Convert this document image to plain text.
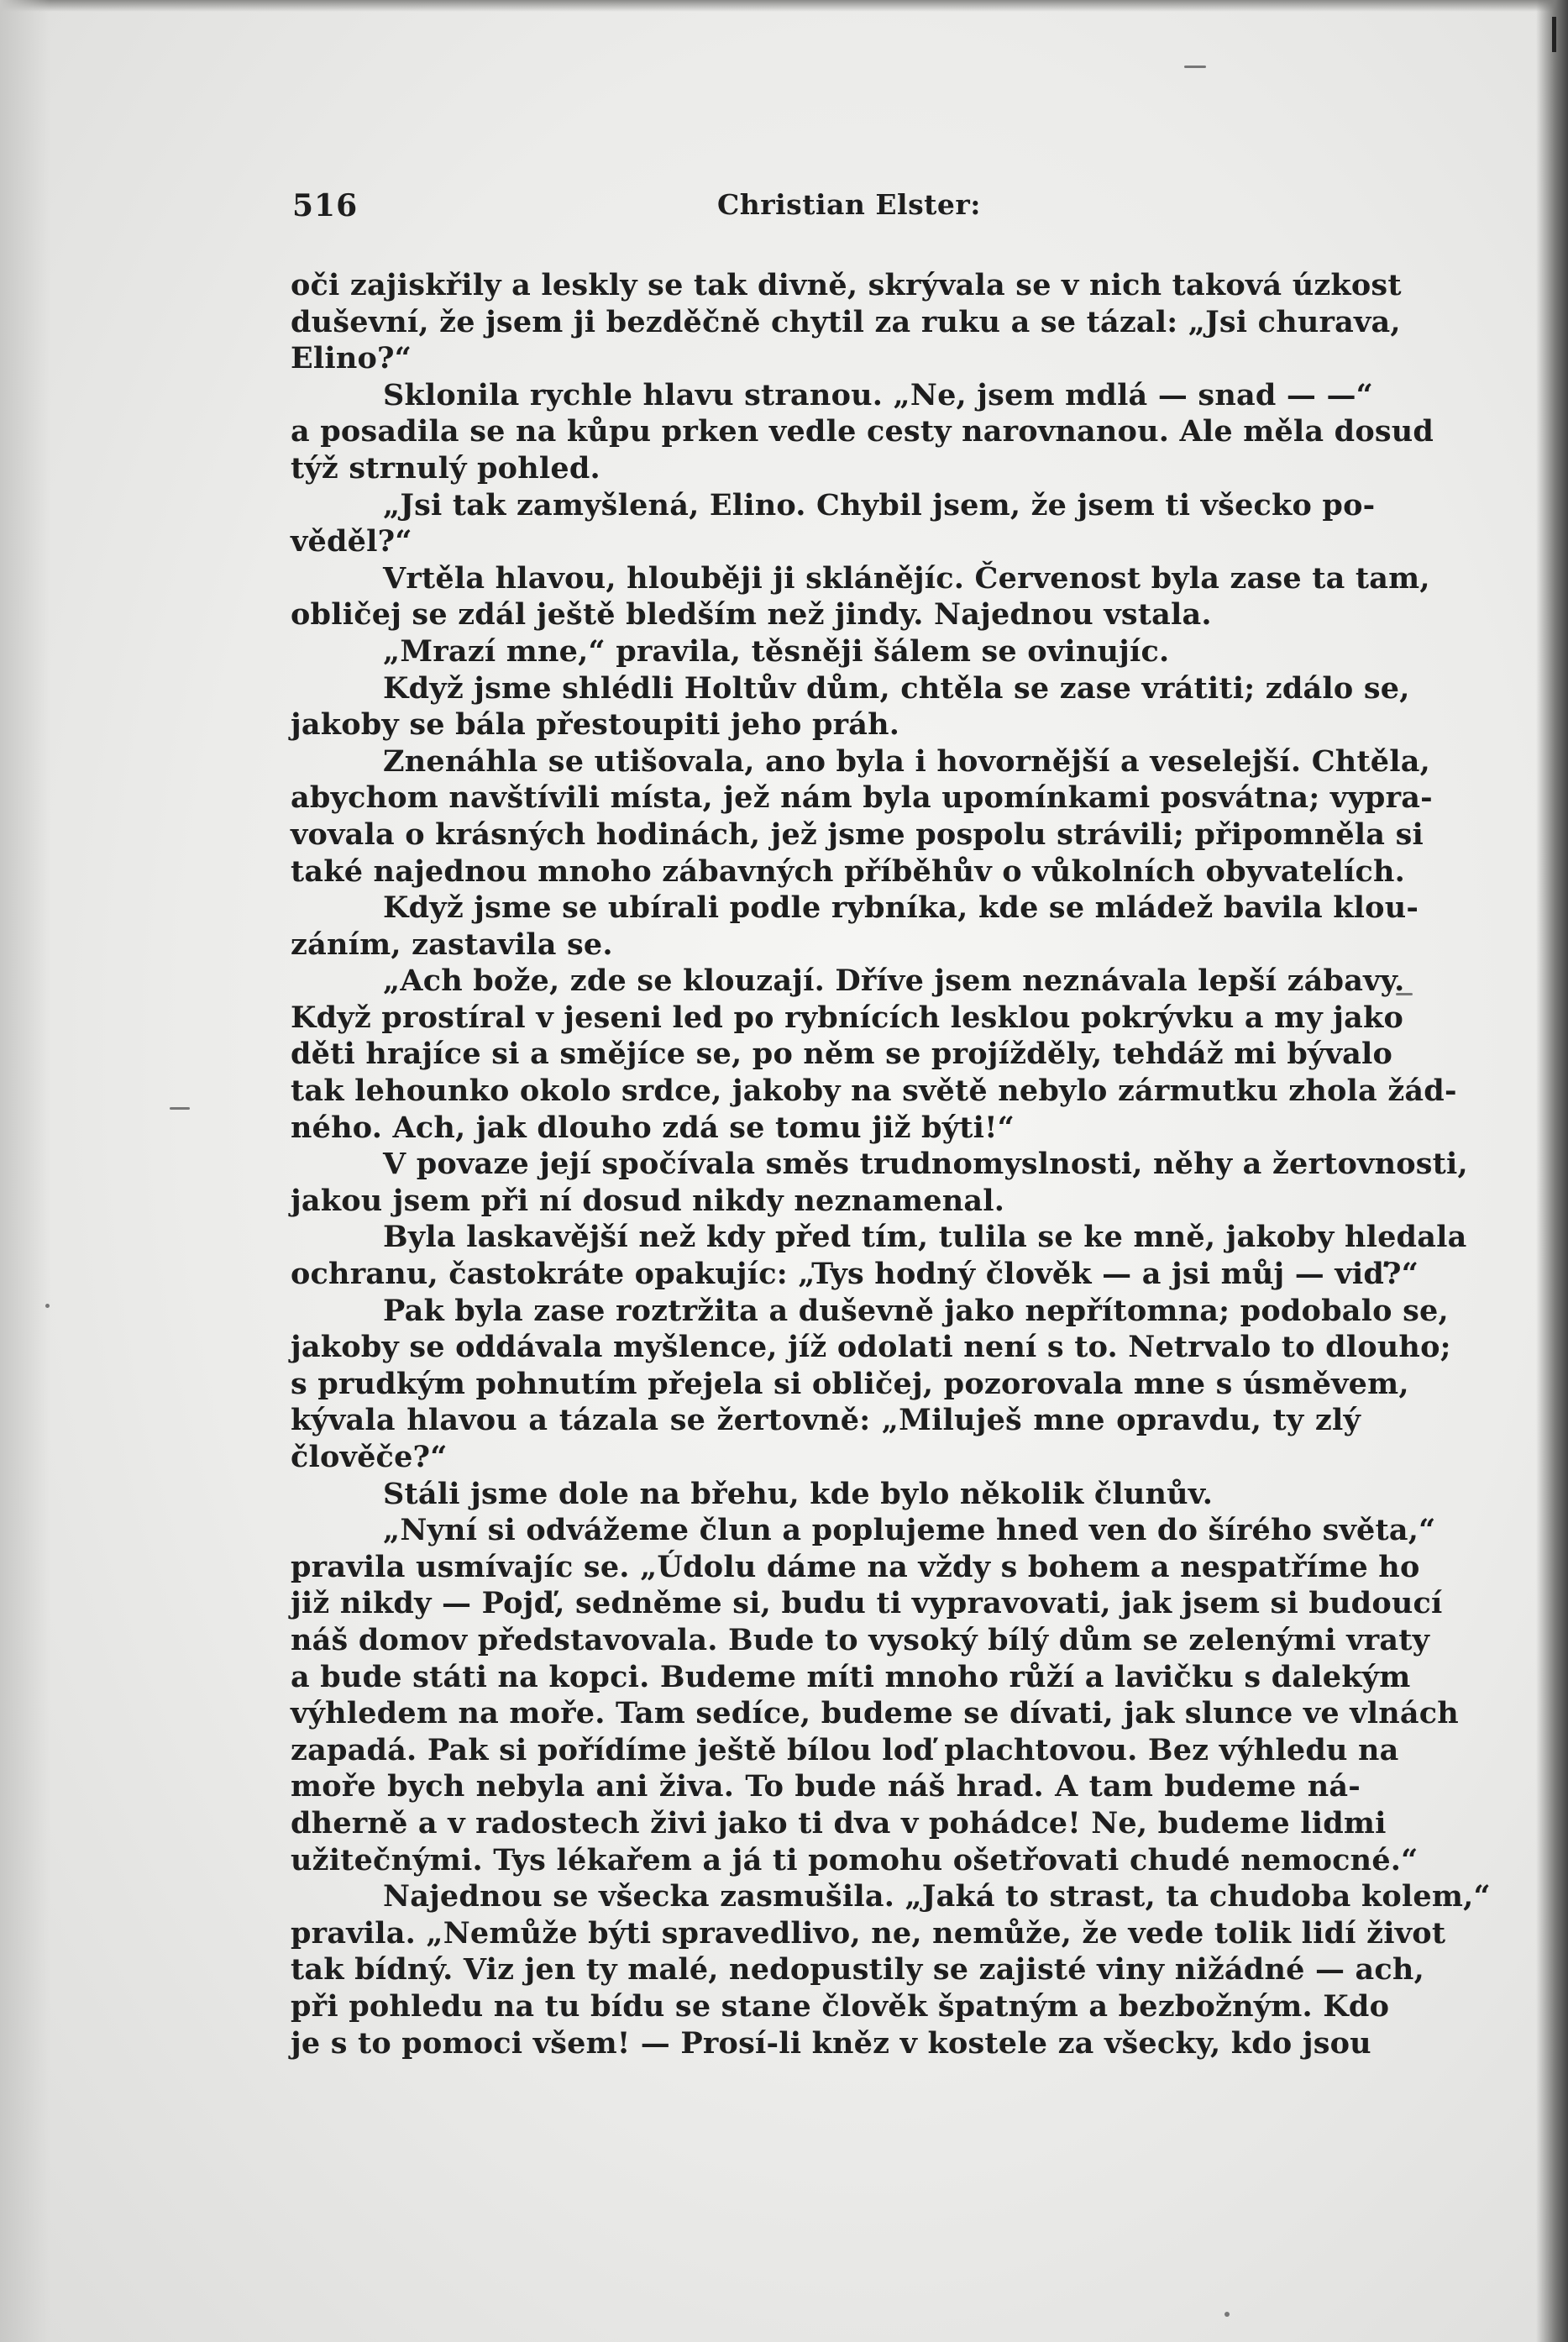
516	Christian Elster:
oči zajiskřily a leskly se tak divně, skrývala se v nich taková úzkost
duševní, že jsem ji bezděčně chytil za ruku a se tázal: „Jsi churava,
Elino?“
Sklonila rychle hlavu stranou. „Ne, jsem mdlá — snad — —“
a posadila se na kůpu prken vedle cesty narovnanou. Ale měla dosud
týž strnulý pohled.
„Jsi tak zamyšlená, Elino. Chybil jsem, že jsem ti všecko po-
věděl?“
Vrtěla hlavou, hlouběji ji sklánějíc. Červenost byla zase ta tam,
obličej se zdál ještě bledším než jindy. Najednou vstala.
„Mrazí mne,“ pravila, těsněji šálem se ovinujíc.
Když jsme shlédli Holtův dům, chtěla se zase vrátiti; zdálo se,
jakoby se bála přestoupiti jeho práh.
Znenáhla se utišovala, ano byla i hovornější a veselejší. Chtěla,
abychom navštívili místa, jež nám byla upomínkami posvátna; vypra-
vovala o krásných hodinách, jež jsme pospolu strávili; připomněla si
také najednou mnoho zábavných příběhův o vůkolních obyvatelích.
Když jsme se ubírali podle rybníka, kde se mládež bavila klou-
záním, zastavila se.
„Ach bože, zde se klouzají. Dříve jsem neznávala lepší zábavy.
Když prostíral v jeseni led po rybnících lesklou pokrývku a my jako
děti hrajíce si a smějíce se, po něm se projížděly, tehdáž mi bývalo
tak lehounko okolo srdce, jakoby na světě nebylo zármutku zhola žád-
ného. Ach, jak dlouho zdá se tomu již býti!“
V povaze její spočívala směs trudnomyslnosti, něhy a žertovnosti,
jakou jsem při ní dosud nikdy neznamenal.
Byla laskavější než kdy před tím, tulila se ke mně, jakoby hledala
ochranu, častokráte opakujíc: „Tys hodný člověk — a jsi můj — viď?“
Pak byla zase roztržita a duševně jako nepřítomna; podobalo se,
jakoby se oddávala myšlence, jíž odolati není s to. Netrvalo to dlouho;
s prudkým pohnutím přejela si obličej, pozorovala mne s úsměvem,
kývala hlavou a tázala se žertovně: „Miluješ mne opravdu, ty zlý
člověče?“
Stáli jsme dole na břehu, kde bylo několik člunův.
„Nyní si odvážeme člun a poplujeme hned ven do šírého světa,“
pravila usmívajíc se. „Údolu dáme na vždy s bohem a nespatříme ho
již nikdy — Pojď, sedněme si, budu ti vypravovati, jak jsem si budoucí
náš domov představovala. Bude to vysoký bílý dům se zelenými vraty
a bude státi na kopci. Budeme míti mnoho růží a lavičku s dalekým
výhledem na moře. Tam sedíce, budeme se dívati, jak slunce ve vlnách
zapadá. Pak si pořídíme ještě bílou loď plachtovou. Bez výhledu na
moře bych nebyla ani živa. To bude náš hrad. A tam budeme ná-
dherně a v radostech živi jako ti dva v pohádce! Ne, budeme lidmi
užitečnými. Tys lékařem a já ti pomohu ošetřovati chudé nemocné.“
Najednou se všecka zasmušila. „Jaká to strast, ta chudoba kolem,“
pravila. „Nemůže býti spravedlivo, ne, nemůže, že vede tolik lidí život
tak bídný. Viz jen ty malé, nedopustily se zajisté viny nižádné — ach,
při pohledu na tu bídu se stane člověk špatným a bezbožným. Kdo
je s to pomoci všem! — Prosí-li kněz v kostele za všecky, kdo jsou
